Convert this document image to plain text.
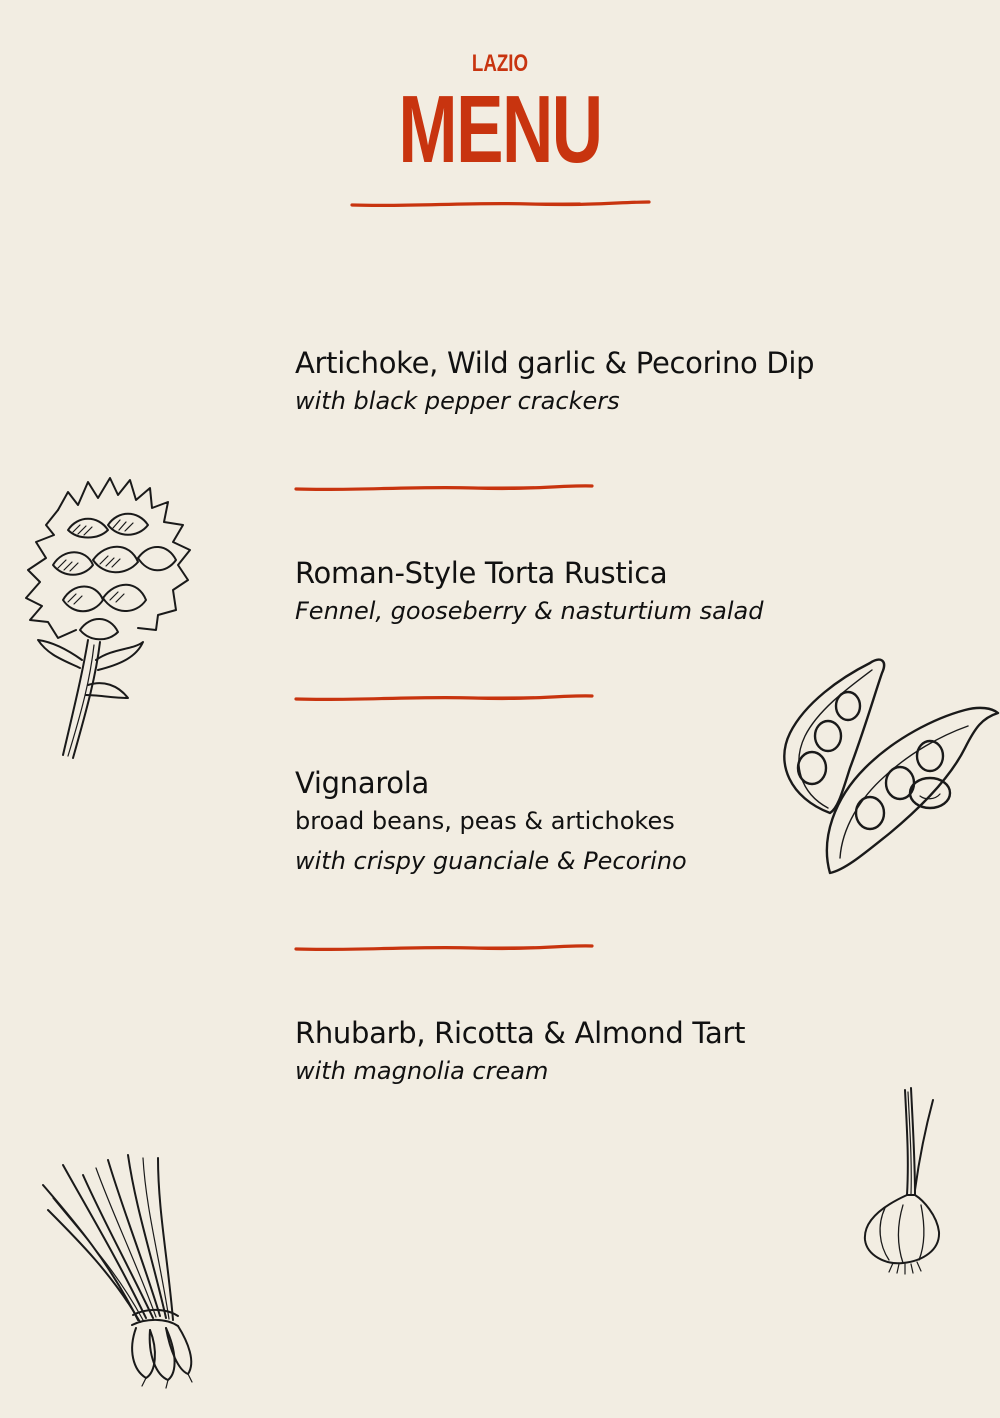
LAZIO
MENU
Artichoke, Wild garlic & Pecorino Dip
with black pepper crackers
Roman-Style Torta Rustica
Fennel, gooseberry & nasturtium salad
Vignarola
broad beans, peas & artichokes
with crispy guanciale & Pecorino
Rhubarb, Ricotta & Almond Tart
with magnolia cream
